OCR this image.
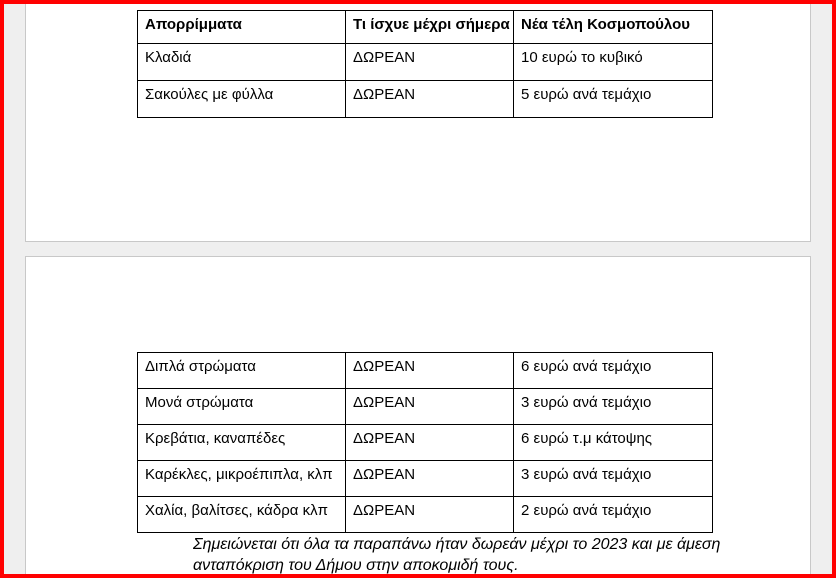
Απορρίμματα	Τι ίσχυε μέχρι σήμερα	Νέα τέλη Κοσμοπούλου
Κλαδιά	ΔΩΡΕΑΝ	10 ευρώ το κυβικό
Σακούλες με φύλλα	ΔΩΡΕΑΝ	5 ευρώ ανά τεμάχιο
Διπλά στρώματα	ΔΩΡΕΑΝ	6 ευρώ ανά τεμάχιο
Μονά στρώματα	ΔΩΡΕΑΝ	3 ευρώ ανά τεμάχιο
Κρεβάτια, καναπέδες	ΔΩΡΕΑΝ	6 ευρώ τ.μ κάτοψης
Καρέκλες, μικροέπιπλα, κλπ	ΔΩΡΕΑΝ	3 ευρώ ανά τεμάχιο
Χαλία, βαλίτσες, κάδρα κλπ	ΔΩΡΕΑΝ	2 ευρώ ανά τεμάχιο
Σημειώνεται ότι όλα τα παραπάνω ήταν δωρεάν μέχρι το 2023 και με άμεση
ανταπόκριση του Δήμου στην αποκομιδή τους.
